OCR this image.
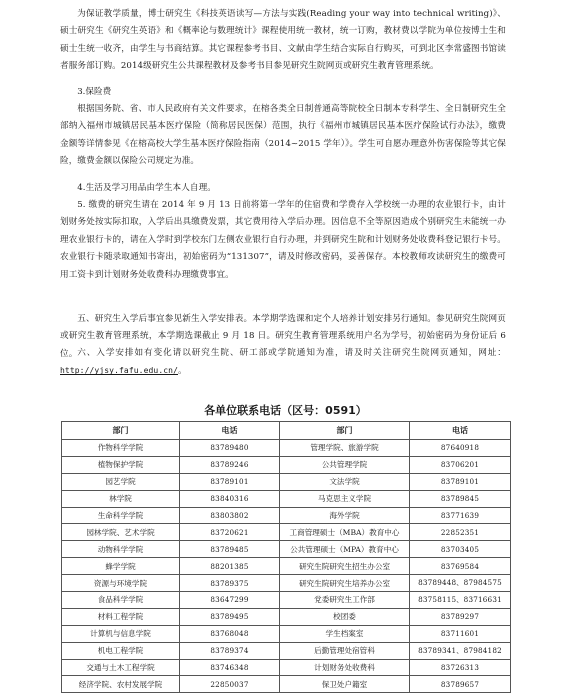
为保证教学质量，博士研究生《科技英语读写—方法与实践(Reading your way into technical writing)》、硕士研究生《研究生英语》和《概率论与数理统计》课程使用统一教材，统一订购，教材费以学院为单位按博士生和硕士生统一收齐，由学生与书商结算。其它课程参考书目、文献由学生结合实际自行购买，可到北区李常盛图书馆读者服务部订购。2014级研究生公共课程教材及参考书目参见研究生院网页或研究生教育管理系统。

3.保险费

根据国务院、省、市人民政府有关文件要求，在榕各类全日制普通高等院校全日制本专科学生、全日制研究生全部纳入福州市城镇居民基本医疗保险（简称居民医保）范围，执行《福州市城镇居民基本医疗保险试行办法》，缴费金额等详情参见《在榕高校大学生基本医疗保险指南（2014~2015 学年）》。学生可自愿办理意外伤害保险等其它保险，缴费金额以保险公司规定为准。

4.生活及学习用品由学生本人自理。

5. 缴费的研究生请在 2014 年 9 月 13 日前将第一学年的住宿费和学费存入学校统一办理的农业银行卡，由计划财务处按实际扣取，入学后出具缴费发票，其它费用待入学后办理。因信息不全等原因造成个别研究生未能统一办理农业银行卡的，请在入学时到学校东门左侧农业银行自行办理，并到研究生院和计划财务处收费科登记银行卡号。农业银行卡随录取通知书寄出，初始密码为“131307”，请及时修改密码，妥善保存。本校教师攻读研究生的缴费可用工资卡到计划财务处收费科办理缴费事宜。

五、研究生入学后事宜参见新生入学安排表。本学期学选课和定个人培养计划安排另行通知。参见研究生院网页或研究生教育管理系统，本学期选课截止 9 月 18 日。研究生教育管理系统用户名为学号，初始密码为身份证后 6 位。 六、入学安排如有变化请以研究生院、研工部或学院通知为准，请及时关注研究生院网页通知，网址：http://yjsy.fafu.edu.cn/。

各单位联系电话（区号：0591）
部门	电话	部门	电话
作物科学学院	83789480	管理学院、旅游学院	87640918
植物保护学院	83789246	公共管理学院	83706201
园艺学院	83789101	文法学院	83789101
林学院	83840316	马克思主义学院	83789845
生命科学学院	83803802	海外学院	83771639
园林学院、艺术学院	83720621	工商管理硕士（MBA）教育中心	22852351
动物科学学院	83789485	公共管理硕士（MPA）教育中心	83703405
蜂学学院	88201385	研究生院研究生招生办公室	83769584
资源与环境学院	83789375	研究生院研究生培养办公室	83789448、87984575
食品科学学院	83647299	党委研究生工作部	83758115、83716631
材料工程学院	83789495	校团委	83789297
计算机与信息学院	83768048	学生档案室	83711601
机电工程学院	83789374	后勤管理处宿管科	83789341、87984182
交通与土木工程学院	83746348	计划财务处收费科	83726313
经济学院、农村发展学院	22850037	保卫处户籍室	83789657
